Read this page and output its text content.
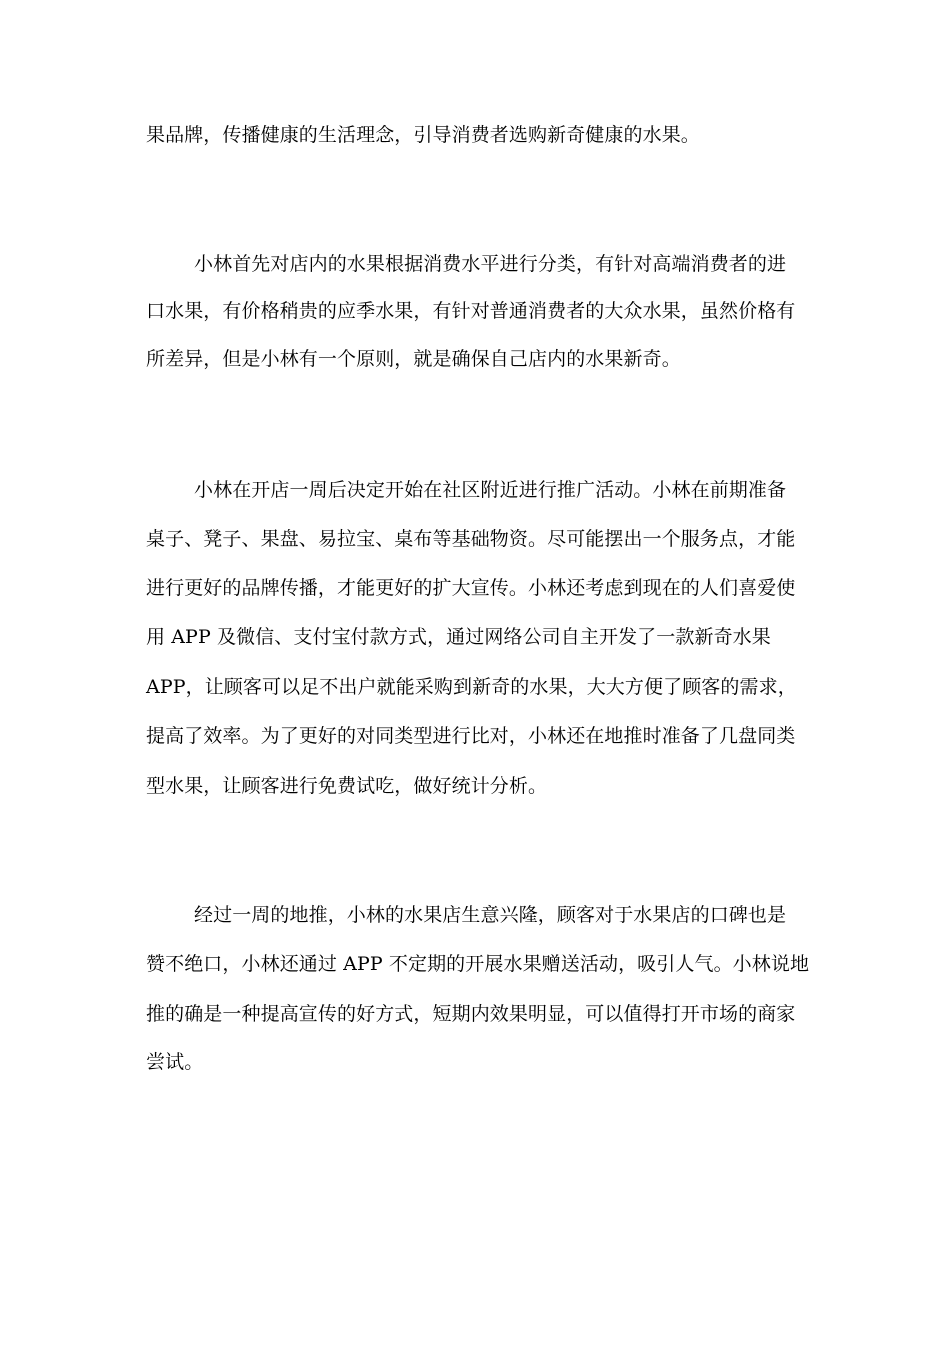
果品牌，传播健康的生活理念，引导消费者选购新奇健康的水果。
小林首先对店内的水果根据消费水平进行分类，有针对高端消费者的进
口水果，有价格稍贵的应季水果，有针对普通消费者的大众水果，虽然价格有
所差异，但是小林有一个原则，就是确保自己店内的水果新奇。
小林在开店一周后决定开始在社区附近进行推广活动。小林在前期准备
桌子、凳子、果盘、易拉宝、桌布等基础物资。尽可能摆出一个服务点，才能
进行更好的品牌传播，才能更好的扩大宣传。小林还考虑到现在的人们喜爱使
用 APP 及微信、支付宝付款方式，通过网络公司自主开发了一款新奇水果
APP，让顾客可以足不出户就能采购到新奇的水果，大大方便了顾客的需求，
提高了效率。为了更好的对同类型进行比对，小林还在地推时准备了几盘同类
型水果，让顾客进行免费试吃，做好统计分析。
经过一周的地推，小林的水果店生意兴隆，顾客对于水果店的口碑也是
赞不绝口，小林还通过 APP 不定期的开展水果赠送活动，吸引人气。小林说地
推的确是一种提高宣传的好方式，短期内效果明显，可以值得打开市场的商家
尝试。
